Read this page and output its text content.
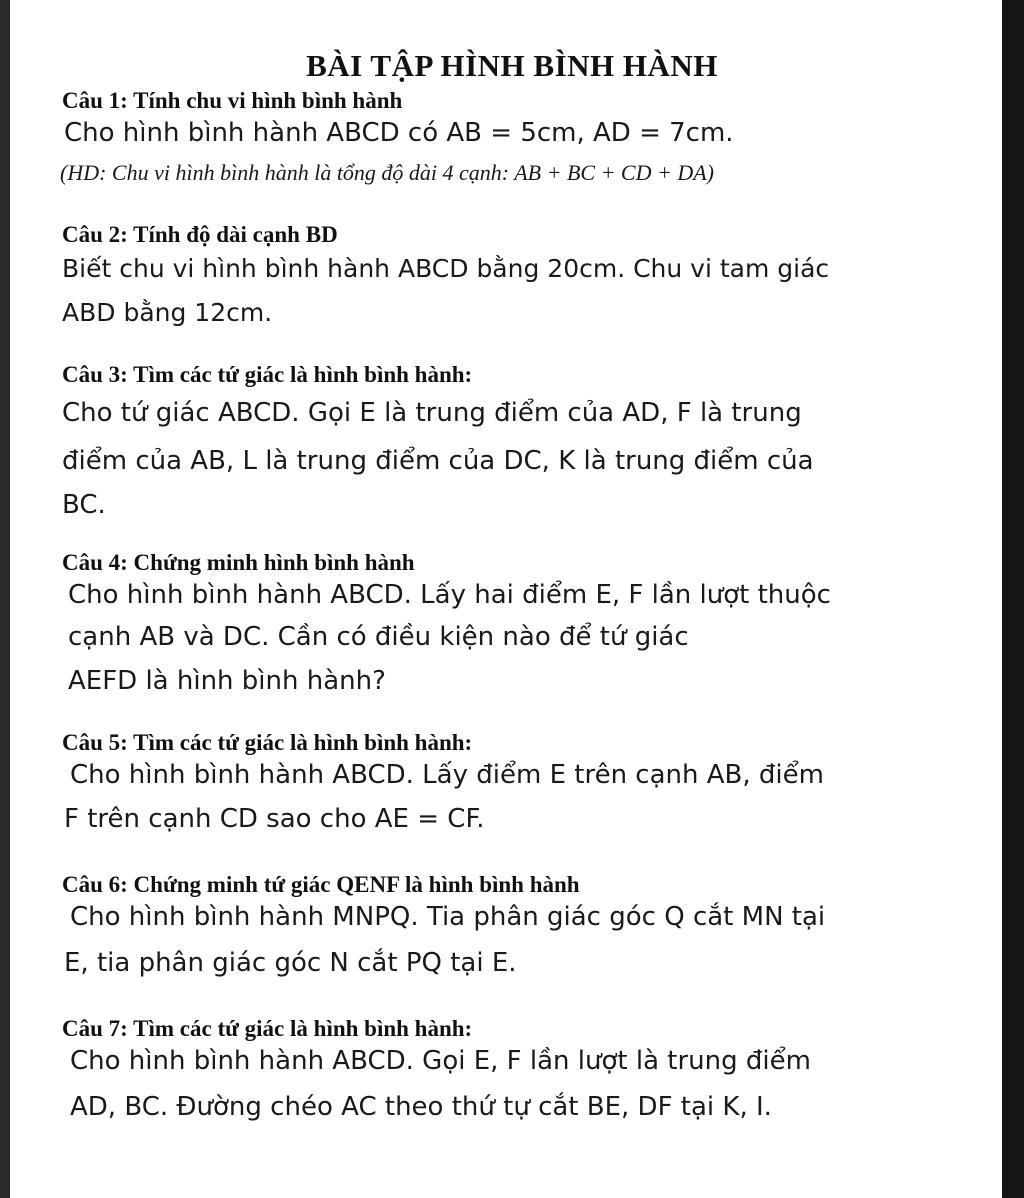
BÀI TẬP HÌNH BÌNH HÀNH
Câu 1: Tính chu vi hình bình hành
Cho hình bình hành ABCD có AB = 5cm, AD = 7cm.
(HD: Chu vi hình bình hành là tổng độ dài 4 cạnh: AB + BC + CD + DA)
Câu 2: Tính độ dài cạnh BD
Biết chu vi hình bình hành ABCD bằng 20cm. Chu vi tam giác
ABD bằng 12cm.
Câu 3: Tìm các tứ giác là hình bình hành:
Cho tứ giác ABCD. Gọi E là trung điểm của AD, F là trung
điểm của AB, L là trung điểm của DC, K là trung điểm của
BC.
Câu 4: Chứng minh hình bình hành
Cho hình bình hành ABCD. Lấy hai điểm E, F lần lượt thuộc
cạnh AB và DC. Cần có điều kiện nào để tứ giác
AEFD là hình bình hành?
Câu 5: Tìm các tứ giác là hình bình hành:
Cho hình bình hành ABCD. Lấy điểm E trên cạnh AB, điểm
F trên cạnh CD sao cho AE = CF.
Câu 6: Chứng minh tứ giác QENF là hình bình hành
Cho hình bình hành MNPQ. Tia phân giác góc Q cắt MN tại
E, tia phân giác góc N cắt PQ tại E.
Câu 7: Tìm các tứ giác là hình bình hành:
Cho hình bình hành ABCD. Gọi E, F lần lượt là trung điểm
AD, BC. Đường chéo AC theo thứ tự cắt BE, DF tại K, I.
